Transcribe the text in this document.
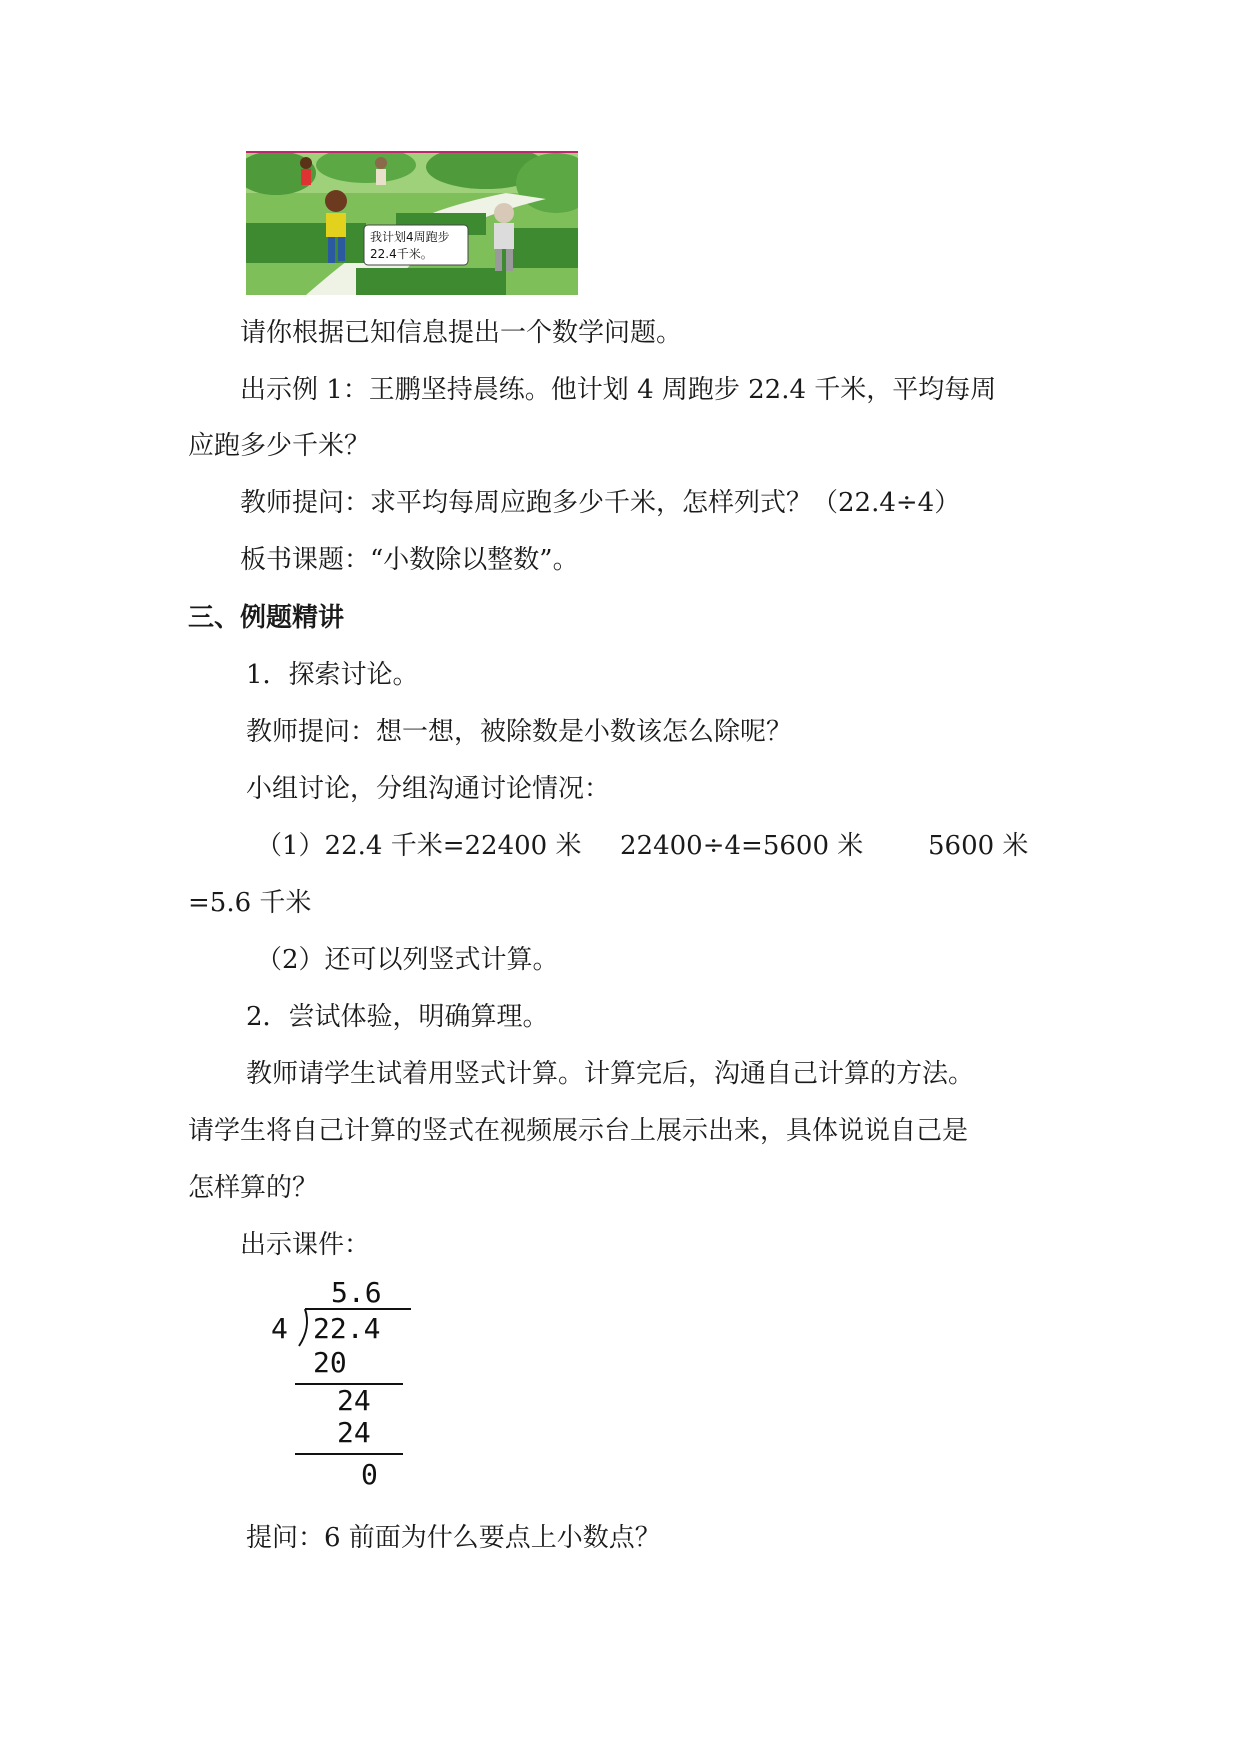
我计划4周跑步
22.4千米。

请你根据已知信息提出一个数学问题。

出示例 1：王鹏坚持晨练。他计划 4 周跑步 22.4 千米，平均每周

应跑多少千米？

教师提问：求平均每周应跑多少千米，怎样列式？（22.4÷4）

板书课题：“小数除以整数”。

三、例题精讲

1．探索讨论。

教师提问：想一想，被除数是小数该怎么除呢？

小组讨论，分组沟通讨论情况：

（1）22.4 千米=22400 米 22400÷4=5600 米 5600 米

=5.6 千米

（2）还可以列竖式计算。

2．尝试体验，明确算理。

教师请学生试着用竖式计算。计算完后，沟通自己计算的方法。

请学生将自己计算的竖式在视频展示台上展示出来，具体说说自己是

怎样算的？

出示课件：

5.6
4 22.4
20
24
24
0

提问：6 前面为什么要点上小数点？
